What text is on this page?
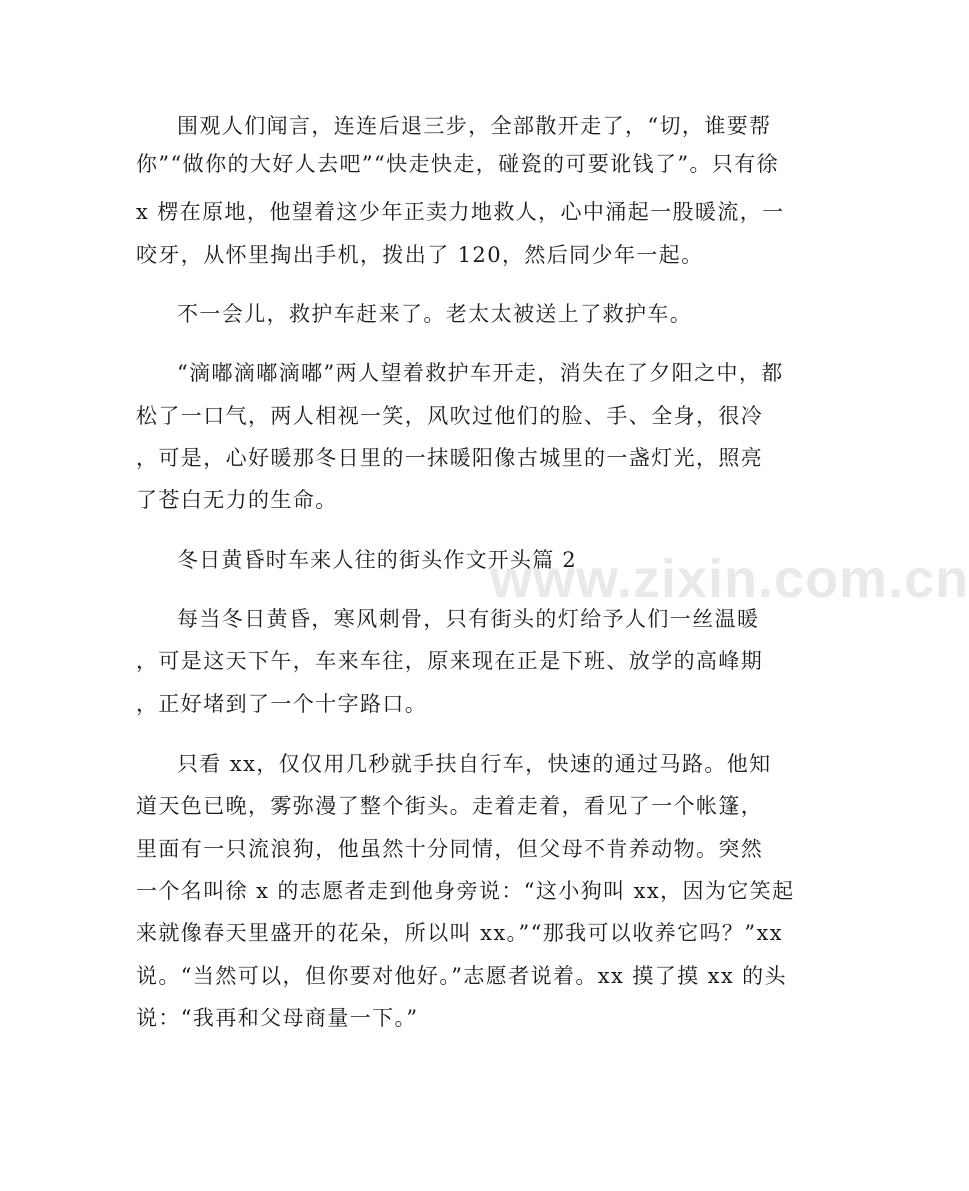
www.zixin.com.cn
围观人们闻言，连连后退三步，全部散开走了，“切，谁要帮
你”“做你的大好人去吧”“快走快走，碰瓷的可要讹钱了”。只有徐
x 楞在原地，他望着这少年正卖力地救人，心中涌起一股暖流，一
咬牙，从怀里掏出手机，拨出了 120，然后同少年一起。
不一会儿，救护车赶来了。老太太被送上了救护车。
“滴嘟滴嘟滴嘟”两人望着救护车开走，消失在了夕阳之中，都
松了一口气，两人相视一笑，风吹过他们的脸、手、全身，很冷
，可是，心好暖那冬日里的一抹暖阳像古城里的一盏灯光，照亮
了苍白无力的生命。
冬日黄昏时车来人往的街头作文开头篇 2
每当冬日黄昏，寒风刺骨，只有街头的灯给予人们一丝温暖
，可是这天下午，车来车往，原来现在正是下班、放学的高峰期
，正好堵到了一个十字路口。
只看 xx，仅仅用几秒就手扶自行车，快速的通过马路。他知
道天色已晚，雾弥漫了整个街头。走着走着，看见了一个帐篷，
里面有一只流浪狗，他虽然十分同情，但父母不肯养动物。突然
一个名叫徐 x 的志愿者走到他身旁说：“这小狗叫 xx，因为它笑起
来就像春天里盛开的花朵，所以叫 xx。”“那我可以收养它吗？”xx
说。“当然可以，但你要对他好。”志愿者说着。xx 摸了摸 xx 的头
说：“我再和父母商量一下。”
